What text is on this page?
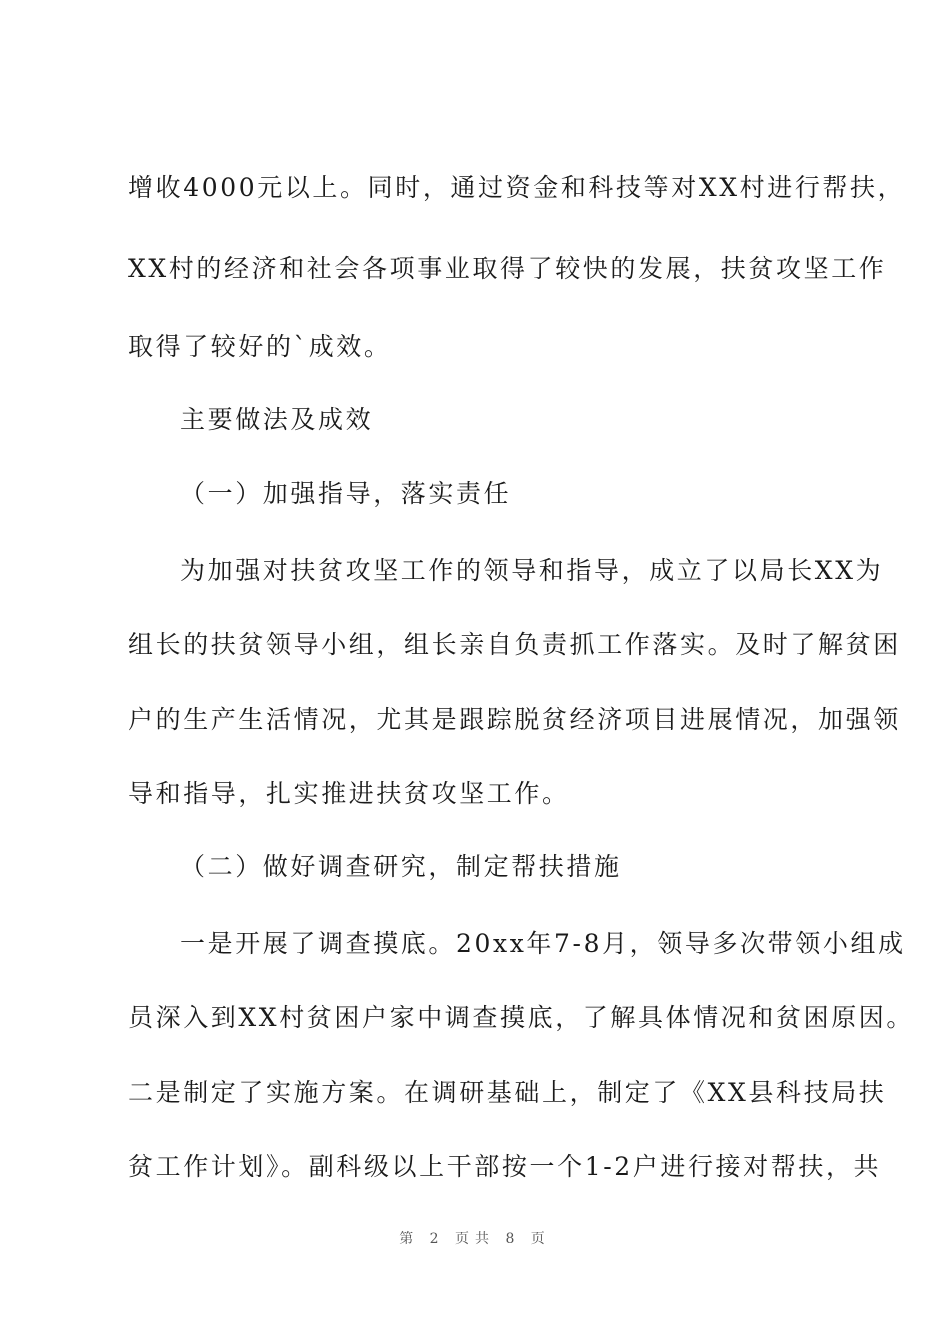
增收4000元以上。同时，通过资金和科技等对XX村进行帮扶，
XX村的经济和社会各项事业取得了较快的发展，扶贫攻坚工作
取得了较好的`成效。
主要做法及成效
（一）加强指导，落实责任
为加强对扶贫攻坚工作的领导和指导，成立了以局长XX为
组长的扶贫领导小组，组长亲自负责抓工作落实。及时了解贫困
户的生产生活情况，尤其是跟踪脱贫经济项目进展情况，加强领
导和指导，扎实推进扶贫攻坚工作。
（二）做好调查研究，制定帮扶措施
一是开展了调查摸底。20xx年7-8月，领导多次带领小组成
员深入到XX村贫困户家中调查摸底，了解具体情况和贫困原因。
二是制定了实施方案。在调研基础上，制定了《XX县科技局扶
贫工作计划》。副科级以上干部按一个1-2户进行接对帮扶，共
第 2 页共 8 页
